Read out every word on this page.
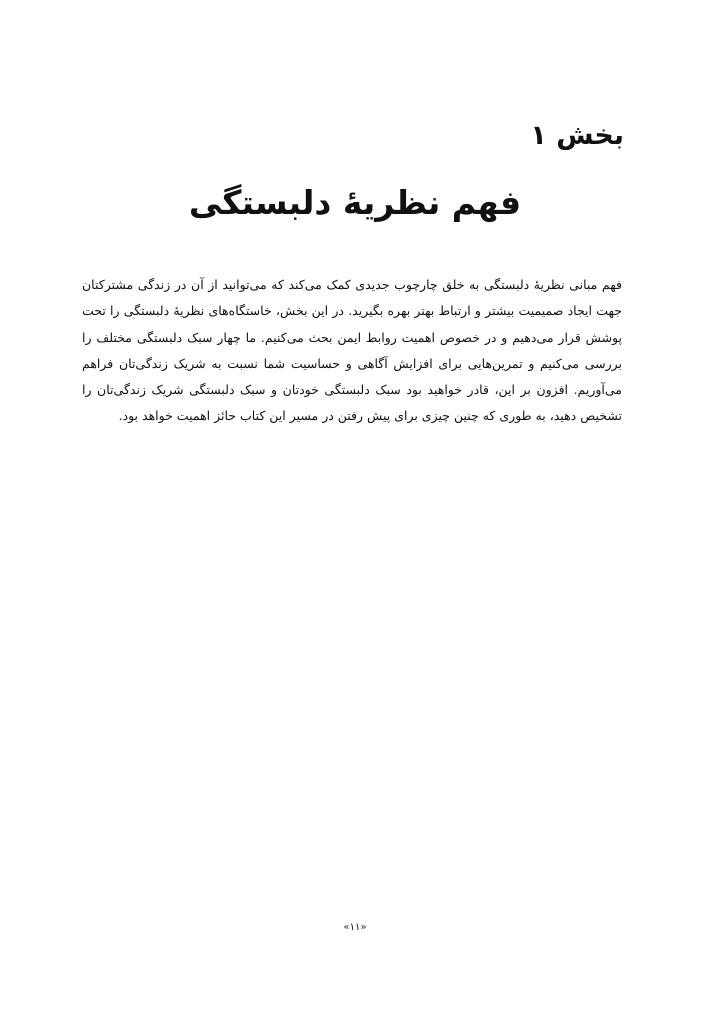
بخش ۱
فهم نظریهٔ دلبستگی

فهم مبانی نظریهٔ دلبستگی به خلق چارچوب جدیدی کمک می‌کند که می‌توانید از آن در زندگی مشترکتان جهت ایجاد صمیمیت بیشتر و ارتباط بهتر بهره بگیرید. در این بخش، خاستگاه‌های نظریهٔ دلبستگی را تحت پوشش قرار می‌دهیم و در خصوص اهمیت روابط ایمن بحث می‌کنیم. ما چهار سبک دلبستگی مختلف را بررسی می‌کنیم و تمرین‌هایی برای افزایش آگاهی و حساسیت شما نسبت به شریک زندگی‌تان فراهم می‌آوریم. افزون بر این، قادر خواهید بود سبک دلبستگی خودتان و سبک دلبستگی شریک زندگی‌تان را تشخیص دهید، به طوری که چنین چیزی برای پیش رفتن در مسیر این کتاب حائز اهمیت خواهد بود.

«۱۱»
